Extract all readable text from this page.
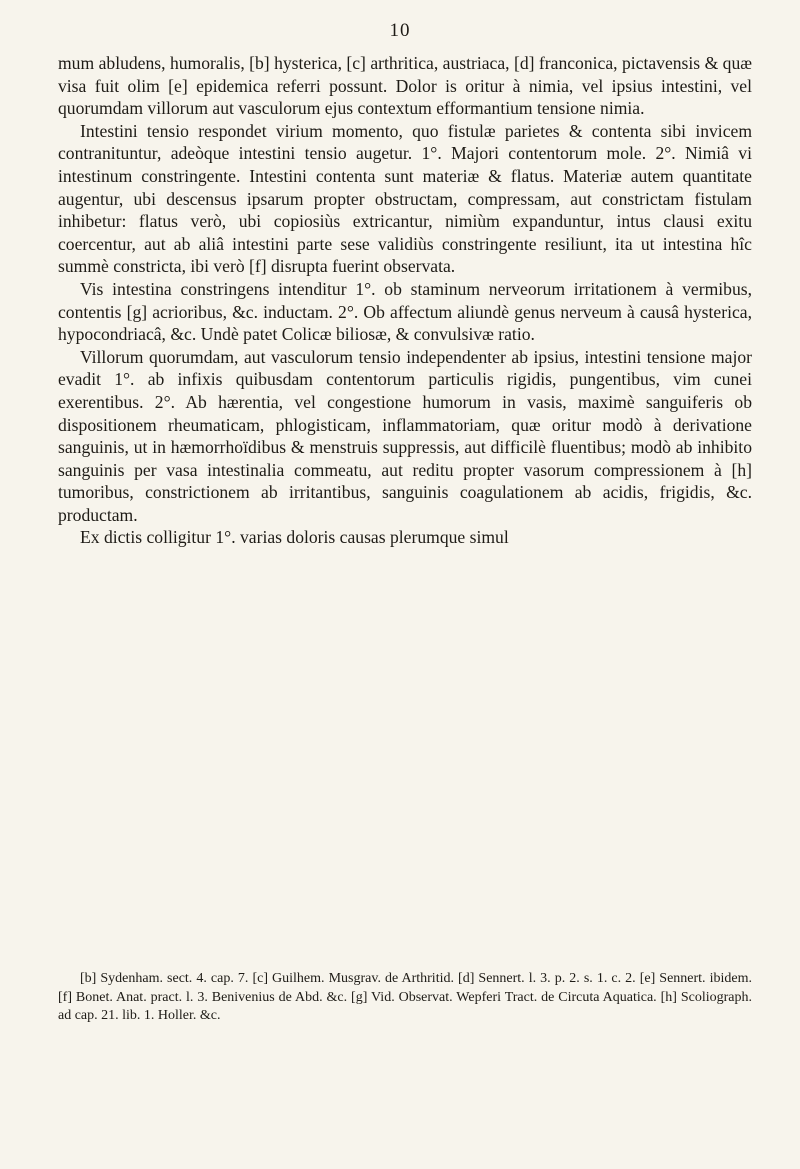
10

mum abludens, humoralis, [b] hysterica, [c] arthritica, austriaca, [d] franconica, pictavensis & quæ visa fuit olim [e] epidemica referri possunt. Dolor is oritur à nimia, vel ipsius intestini, vel quorumdam villorum aut vasculorum ejus contextum efformantium tensione nimia.

Intestini tensio respondet virium momento, quo fistulæ parietes & contenta sibi invicem contranituntur, adeòque intestini tensio augetur. 1°. Majori contentorum mole. 2°. Nimiâ vi intestinum constringente. Intestini contenta sunt materiæ & flatus. Materiæ autem quantitate augentur, ubi descensus ipsarum propter obstructam, compressam, aut constrictam fistulam inhibetur: flatus verò, ubi copiosiùs extricantur, nimiùm expanduntur, intus clausi exitu coercentur, aut ab aliâ intestini parte sese validiùs constringente resiliunt, ita ut intestina hîc summè constricta, ibi verò [f] disrupta fuerint observata.

Vis intestina constringens intenditur 1°. ob staminum nerveorum irritationem à vermibus, contentis [g] acrioribus, &c. inductam. 2°. Ob affectum aliundè genus nerveum à causâ hysterica, hypocondriacâ, &c. Undè patet Colicæ biliosæ, & convulsivæ ratio.

Villorum quorumdam, aut vasculorum tensio independenter ab ipsius, intestini tensione major evadit 1°. ab infixis quibusdam contentorum particulis rigidis, pungentibus, vim cunei exerentibus. 2°. Ab hærentia, vel congestione humorum in vasis, maximè sanguiferis ob dispositionem rheumaticam, phlogisticam, inflammatoriam, quæ oritur modò à derivatione sanguinis, ut in hæmorrhoïdibus & menstruis suppressis, aut difficilè fluentibus; modò ab inhibito sanguinis per vasa intestinalia commeatu, aut reditu propter vasorum compressionem à [h] tumoribus, constrictionem ab irritantibus, sanguinis coagulationem ab acidis, frigidis, &c. productam.

Ex dictis colligitur 1°. varias doloris causas plerumque simul

[b] Sydenham. sect. 4. cap. 7. [c] Guilhem. Musgrav. de Arthritid. [d] Sennert. l. 3. p. 2. s. 1. c. 2. [e] Sennert. ibidem. [f] Bonet. Anat. pract. l. 3. Benivenius de Abd. &c. [g] Vid. Observat. Wepferi Tract. de Circuta Aquatica. [h] Scoliograph. ad cap. 21. lib. 1. Holler. &c.
